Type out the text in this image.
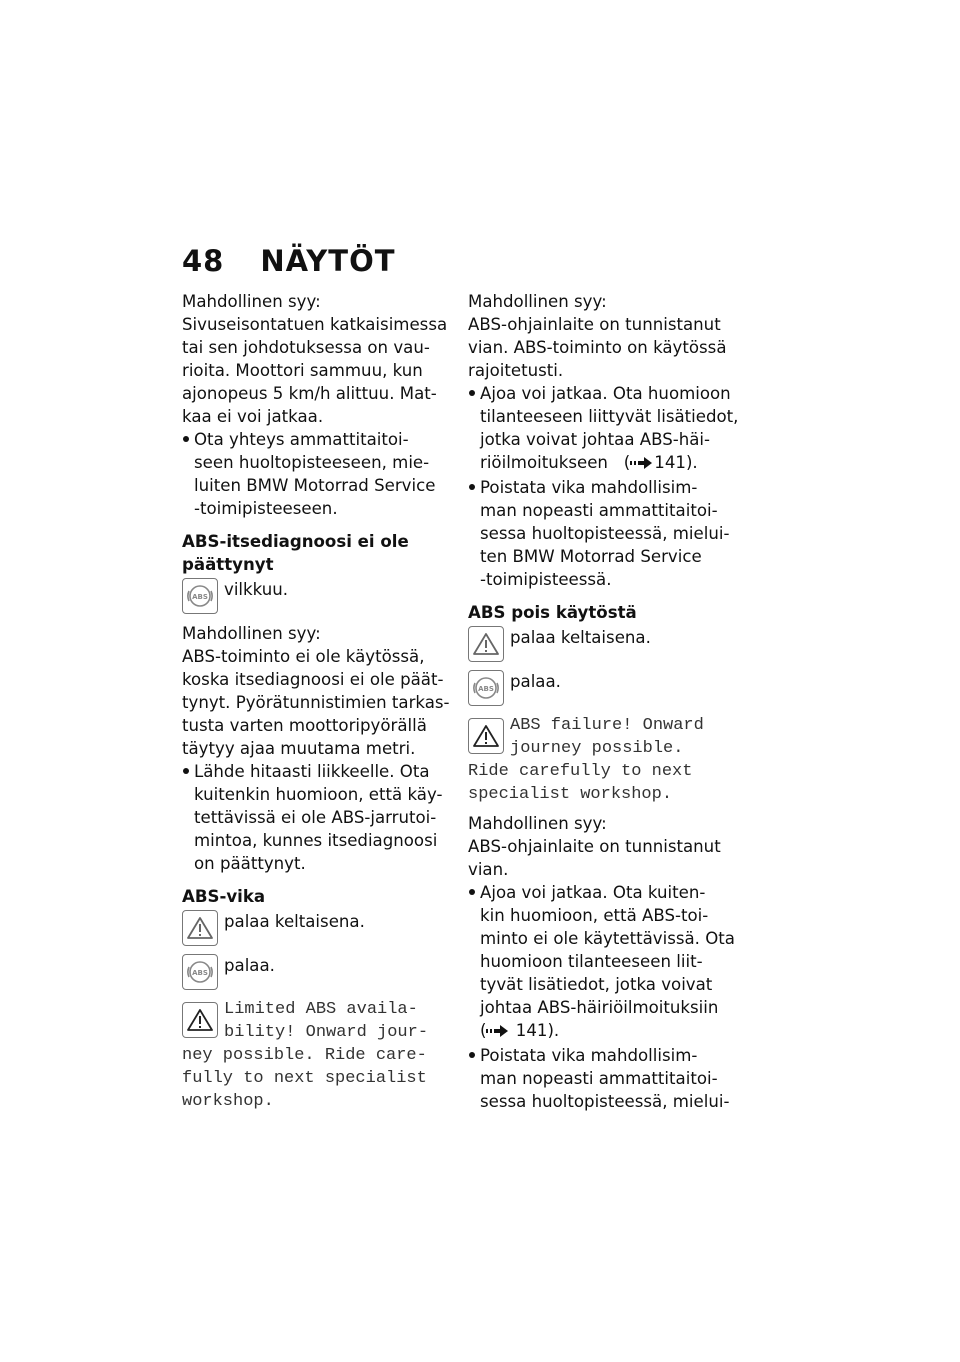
48 NÄYTÖT

Mahdollinen syy:

Sivuseisontatuen katkaisimessa
tai sen johdotuksessa on vau-
rioita. Moottori sammuu, kun
ajonopeus 5 km/h alittuu. Mat-
kaa ei voi jatkaa.

Ota yhteys ammattitaitoi-
seen huoltopisteeseen, mie-
luiten BMW Motorrad Service
-toimipisteeseen.

ABS-itsediagnoosi ei ole
päättynyt

ABS vilkkuu.

Mahdollinen syy:

ABS-toiminto ei ole käytössä,
koska itsediagnoosi ei ole päät-
tynyt. Pyörätunnistimien tarkas-
tusta varten moottoripyörällä
täytyy ajaa muutama metri.

Lähde hitaasti liikkeelle. Ota
kuitenkin huomioon, että käy-
tettävissä ei ole ABS-jarrutoi-
mintoa, kunnes itsediagnoosi
on päättynyt.

ABS-vika

palaa keltaisena.
ABS palaa.
Limited ABS availa-
bility! Onward jour-
ney possible. Ride care-
fully to next specialist
workshop.

Mahdollinen syy:

ABS-ohjainlaite on tunnistanut
vian. ABS-toiminto on käytössä
rajoitetusti.

Ajoa voi jatkaa. Ota huomioon
tilanteeseen liittyvät lisätiedot,
jotka voivat johtaa ABS-häi-
riöilmoitukseen   ( 141).
Poistata vika mahdollisim-
man nopeasti ammattitaitoi-
sessa huoltopisteessä, mielui-
ten BMW Motorrad Service
-toimipisteessä.

ABS pois käytöstä

palaa keltaisena.
ABS palaa.
ABS failure! Onward
journey possible.
Ride carefully to next
specialist workshop.

Mahdollinen syy:

ABS-ohjainlaite on tunnistanut
vian.

Ajoa voi jatkaa. Ota kuiten-
kin huomioon, että ABS-toi-
minto ei ole käytettävissä. Ota
huomioon tilanteeseen liit-
tyvät lisätiedot, jotka voivat
johtaa ABS-häiriöilmoituksiin
( 141).
Poistata vika mahdollisim-
man nopeasti ammattitaitoi-
sessa huoltopisteessä, mielui-
